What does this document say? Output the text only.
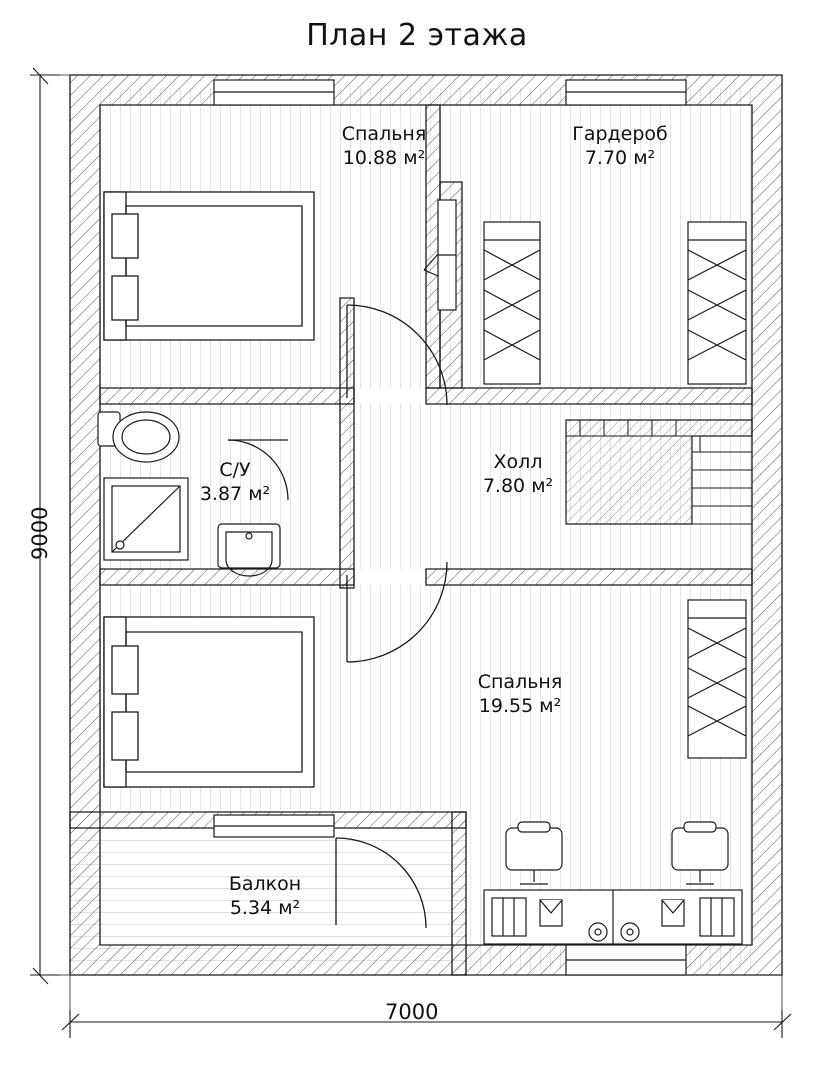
План 2 этажа
Спальня
10.88 м²
Гардероб
7.70 м²
С/У
3.87 м²
Холл
7.80 м²
Спальня
19.55 м²
Балкон
5.34 м²
9000
7000
